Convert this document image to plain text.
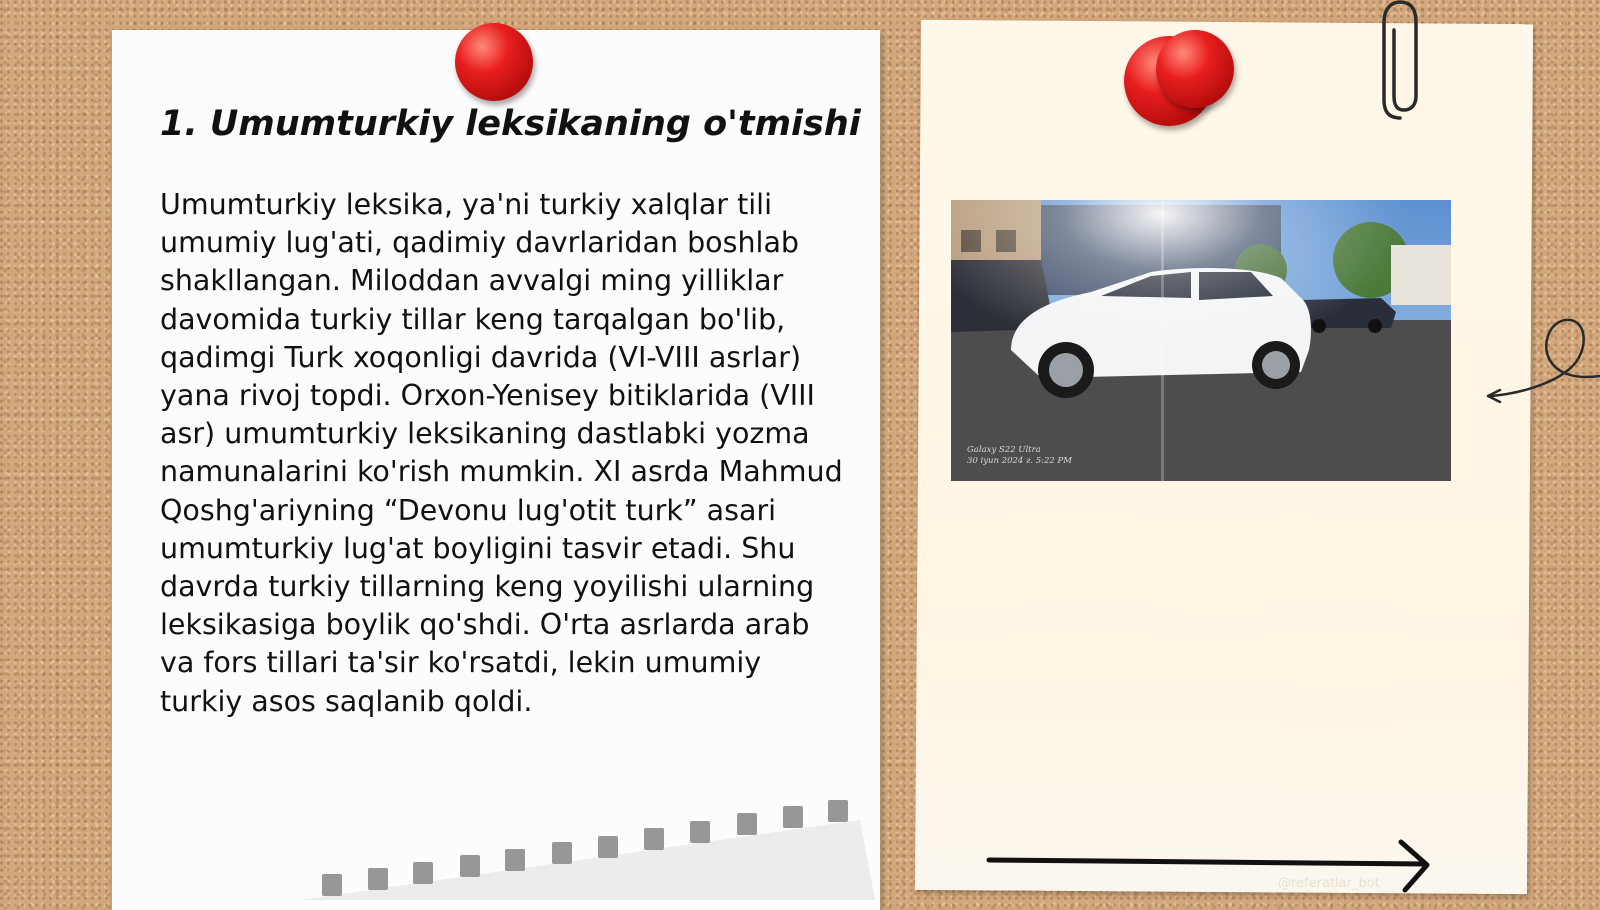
1. Umumturkiy leksikaning o'tmishi

Umumturkiy leksika, ya'ni turkiy xalqlar tili umumiy lug'ati, qadimiy davrlaridan boshlab shakllangan. Miloddan avvalgi ming yilliklar davomida turkiy tillar keng tarqalgan bo'lib, qadimgi Turk xoqonligi davrida (VI-VIII asrlar) yana rivoj topdi. Orxon-Yenisey bitiklarida (VIII asr) umumturkiy leksikaning dastlabki yozma namunalarini ko'rish mumkin. XI asrda Mahmud Qoshg'ariyning “Devonu lug'otit turk” asari umumturkiy lug'at boyligini tasvir etadi. Shu davrda turkiy tillarning keng yoyilishi ularning leksikasiga boylik qo'shdi. O'rta asrlarda arab va fors tillari ta'sir ko'rsatdi, lekin umumiy turkiy asos saqlanib qoldi.

Galaxy S22 Ultra
30 iyun 2024 г. 5:22 PM
@referatlar_bot
